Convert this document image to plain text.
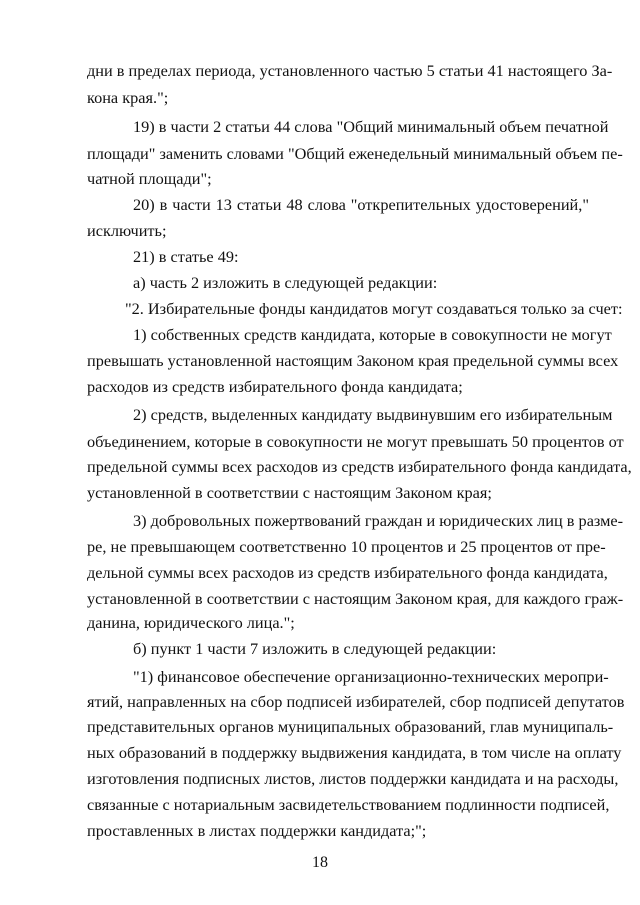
дни в пределах периода, установленного частью 5 статьи 41 настоящего За-

кона края.";

19) в части 2 статьи 44 слова "Общий минимальный объем печатной

площади" заменить словами "Общий еженедельный минимальный объем пе-

чатной площади";

20) в части 13 статьи 48 слова "открепительных удостоверений,"

исключить;

21) в статье 49:

а) часть 2 изложить в следующей редакции:

"2. Избирательные фонды кандидатов могут создаваться только за счет:

1) собственных средств кандидата, которые в совокупности не могут

превышать установленной настоящим Законом края предельной суммы всех

расходов из средств избирательного фонда кандидата;

2) средств, выделенных кандидату выдвинувшим его избирательным

объединением, которые в совокупности не могут превышать 50 процентов от

предельной суммы всех расходов из средств избирательного фонда кандидата,

установленной в соответствии с настоящим Законом края;

3) добровольных пожертвований граждан и юридических лиц в разме-

ре, не превышающем соответственно 10 процентов и 25 процентов от пре-

дельной суммы всех расходов из средств избирательного фонда кандидата,

установленной в соответствии с настоящим Законом края, для каждого граж-

данина, юридического лица.";

б) пункт 1 части 7 изложить в следующей редакции:

"1) финансовое обеспечение организационно-технических меропри-

ятий, направленных на сбор подписей избирателей, сбор подписей депутатов

представительных органов муниципальных образований, глав муниципаль-

ных образований в поддержку выдвижения кандидата, в том числе на оплату

изготовления подписных листов, листов поддержки кандидата и на расходы,

связанные с нотариальным засвидетельствованием подлинности подписей,

проставленных в листах поддержки кандидата;";

18
